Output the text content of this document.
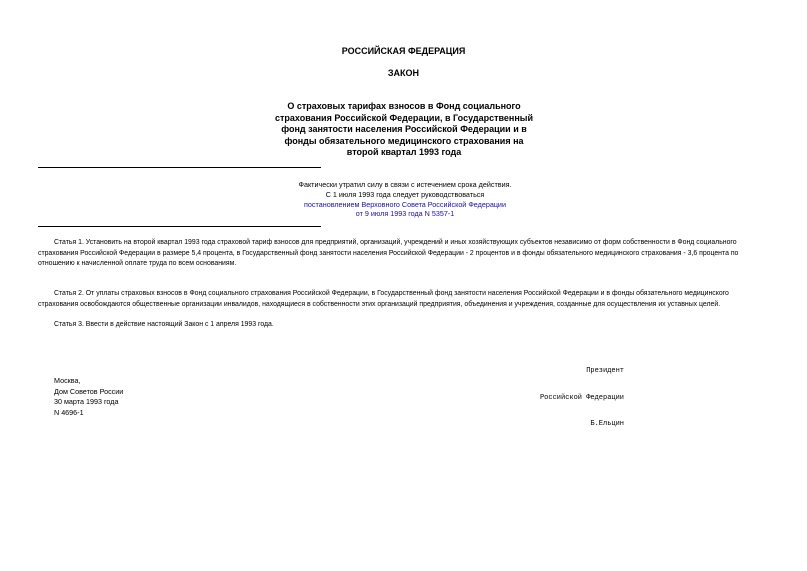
РОССИЙСКАЯ ФЕДЕРАЦИЯ
ЗАКОН
О страховых тарифах взносов в Фонд социального
страхования Российской Федерации, в Государственный
фонд занятости населения Российской Федерации и в
фонды обязательного медицинского страхования на
второй квартал 1993 года
Фактически утратил силу в связи с истечением срока действия.
С 1 июля 1993 года следует руководствоваться
постановлением Верховного Совета Российской Федерации
от 9 июля 1993 года N 5357-1
Статья 1. Установить на второй квартал 1993 года страховой тариф взносов для предприятий, организаций, учреждений и иных хозяйствующих субъектов независимо от форм собственности в Фонд социального страхования Российской Федерации в размере 5,4 процента, в Государственный фонд занятости населения Российской Федерации - 2 процентов и в фонды обязательного медицинского страхования - 3,6 процента по отношению к начисленной оплате труда по всем основаниям.
Статья 2. От уплаты страховых взносов в Фонд социального страхования Российской Федерации, в Государственный фонд занятости населения Российской Федерации и в фонды обязательного медицинского страхования освобождаются общественные организации инвалидов, находящиеся в собственности этих организаций предприятия, объединения и учреждения, созданные для осуществления их уставных целей.
Статья 3. Ввести в действие настоящий Закон с 1 апреля 1993 года.

Президент

Российской Федерации

Б.Ельцин

Москва,
Дом Советов России
30 марта 1993 года
N 4696-1
